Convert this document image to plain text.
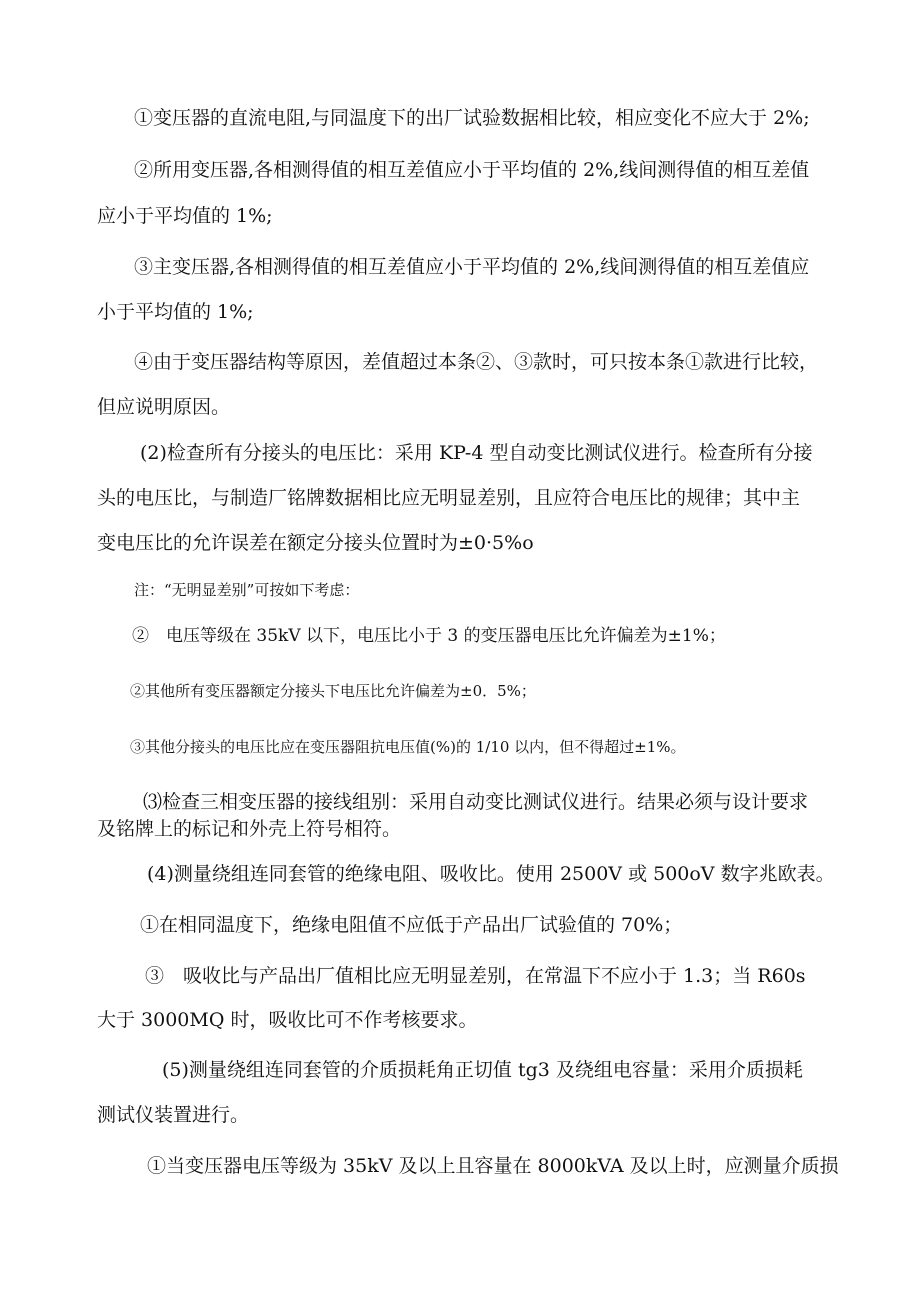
①变压器的直流电阻,与同温度下的出厂试验数据相比较，相应变化不应大于 2%;
②所用变压器,各相测得值的相互差值应小于平均值的 2%,线间测得值的相互差值
应小于平均值的 1%;
③主变压器,各相测得值的相互差值应小于平均值的 2%,线间测得值的相互差值应
小于平均值的 1%;
④由于变压器结构等原因，差值超过本条②、③款时，可只按本条①款进行比较，
但应说明原因。
(2)检查所有分接头的电压比：采用 KP-4 型自动变比测试仪进行。检查所有分接
头的电压比，与制造厂铭牌数据相比应无明显差别，且应符合电压比的规律；其中主
变电压比的允许误差在额定分接头位置时为±0·5%o
注：“无明显差别”可按如下考虑：
②　电压等级在 35kV 以下，电压比小于 3 的变压器电压比允许偏差为±1%；
②其他所有变压器额定分接头下电压比允许偏差为±0．5%；
③其他分接头的电压比应在变压器阻抗电压值(%)的 1/10 以内，但不得超过±1%。
⑶检查三相变压器的接线组别：采用自动变比测试仪进行。结果必须与设计要求
及铭牌上的标记和外壳上符号相符。
(4)测量绕组连同套管的绝缘电阻、吸收比。使用 2500V 或 500oV 数字兆欧表。
①在相同温度下，绝缘电阻值不应低于产品出厂试验值的 70%；
③　吸收比与产品出厂值相比应无明显差别，在常温下不应小于 1.3；当 R60s
大于 3000MQ 时，吸收比可不作考核要求。
(5)测量绕组连同套管的介质损耗角正切值 tg3 及绕组电容量：采用介质损耗
测试仪装置进行。
①当变压器电压等级为 35kV 及以上且容量在 8000kVA 及以上时，应测量介质损
